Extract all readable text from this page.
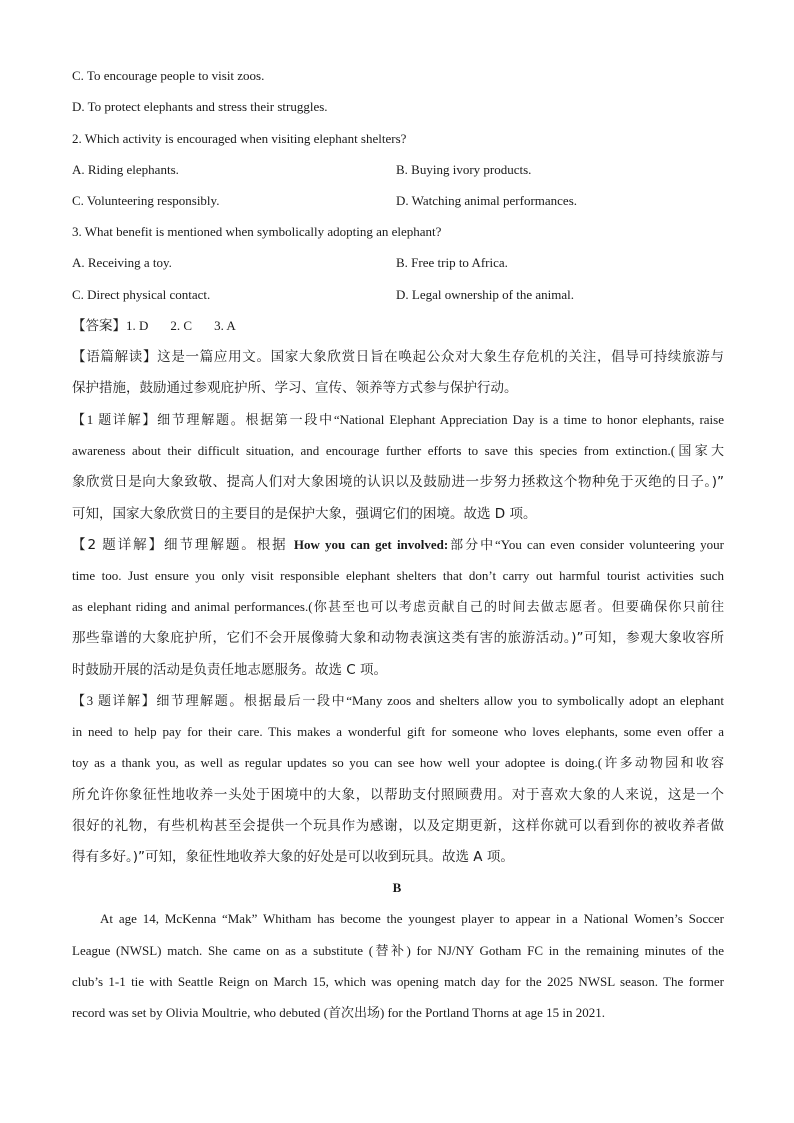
C. To encourage people to visit zoos.
D. To protect elephants and stress their struggles.
2. Which activity is encouraged when visiting elephant shelters?
A. Riding elephants.	B. Buying ivory products.
C. Volunteering responsibly.	D. Watching animal performances.
3. What benefit is mentioned when symbolically adopting an elephant?
A. Receiving a toy.	B. Free trip to Africa.
C. Direct physical contact.	D. Legal ownership of the animal.
【答案】1. D 2. C 3. A
【语篇解读】这是一篇应用文。国家大象欣赏日旨在唤起公众对大象生存危机的关注，倡导可持续旅游与
保护措施，鼓励通过参观庇护所、学习、宣传、领养等方式参与保护行动。
【1 题详解】细节理解题。根据第一段中“National Elephant Appreciation Day is a time to honor elephants, raise
awareness about their difficult situation, and encourage further efforts to save this species from extinction.(国家大
象欣赏日是向大象致敬、提高人们对大象困境的认识以及鼓励进一步努力拯救这个物种免于灭绝的日子。)”
可知，国家大象欣赏日的主要目的是保护大象，强调它们的困境。故选 D 项。
【2 题详解】细节理解题。根据 How you can get involved:部分中“You can even consider volunteering your
time too. Just ensure you only visit responsible elephant shelters that don’t carry out harmful tourist activities such
as elephant riding and animal performances.(你甚至也可以考虑贡献自己的时间去做志愿者。但要确保你只前往
那些靠谱的大象庇护所，它们不会开展像骑大象和动物表演这类有害的旅游活动。)”可知，参观大象收容所
时鼓励开展的活动是负责任地志愿服务。故选 C 项。
【3 题详解】细节理解题。根据最后一段中“Many zoos and shelters allow you to symbolically adopt an elephant
in need to help pay for their care. This makes a wonderful gift for someone who loves elephants, some even offer a
toy as a thank you, as well as regular updates so you can see how well your adoptee is doing.(许多动物园和收容
所允许你象征性地收养一头处于困境中的大象，以帮助支付照顾费用。对于喜欢大象的人来说，这是一个
很好的礼物，有些机构甚至会提供一个玩具作为感谢，以及定期更新，这样你就可以看到你的被收养者做
得有多好。)”可知，象征性地收养大象的好处是可以收到玩具。故选 A 项。
B
At age 14, McKenna “Mak” Whitham has become the youngest player to appear in a National Women’s Soccer
League (NWSL) match. She came on as a substitute (替补) for NJ/NY Gotham FC in the remaining minutes of the
club’s 1-1 tie with Seattle Reign on March 15, which was opening match day for the 2025 NWSL season. The former
record was set by Olivia Moultrie, who debuted (首次出场) for the Portland Thorns at age 15 in 2021.
